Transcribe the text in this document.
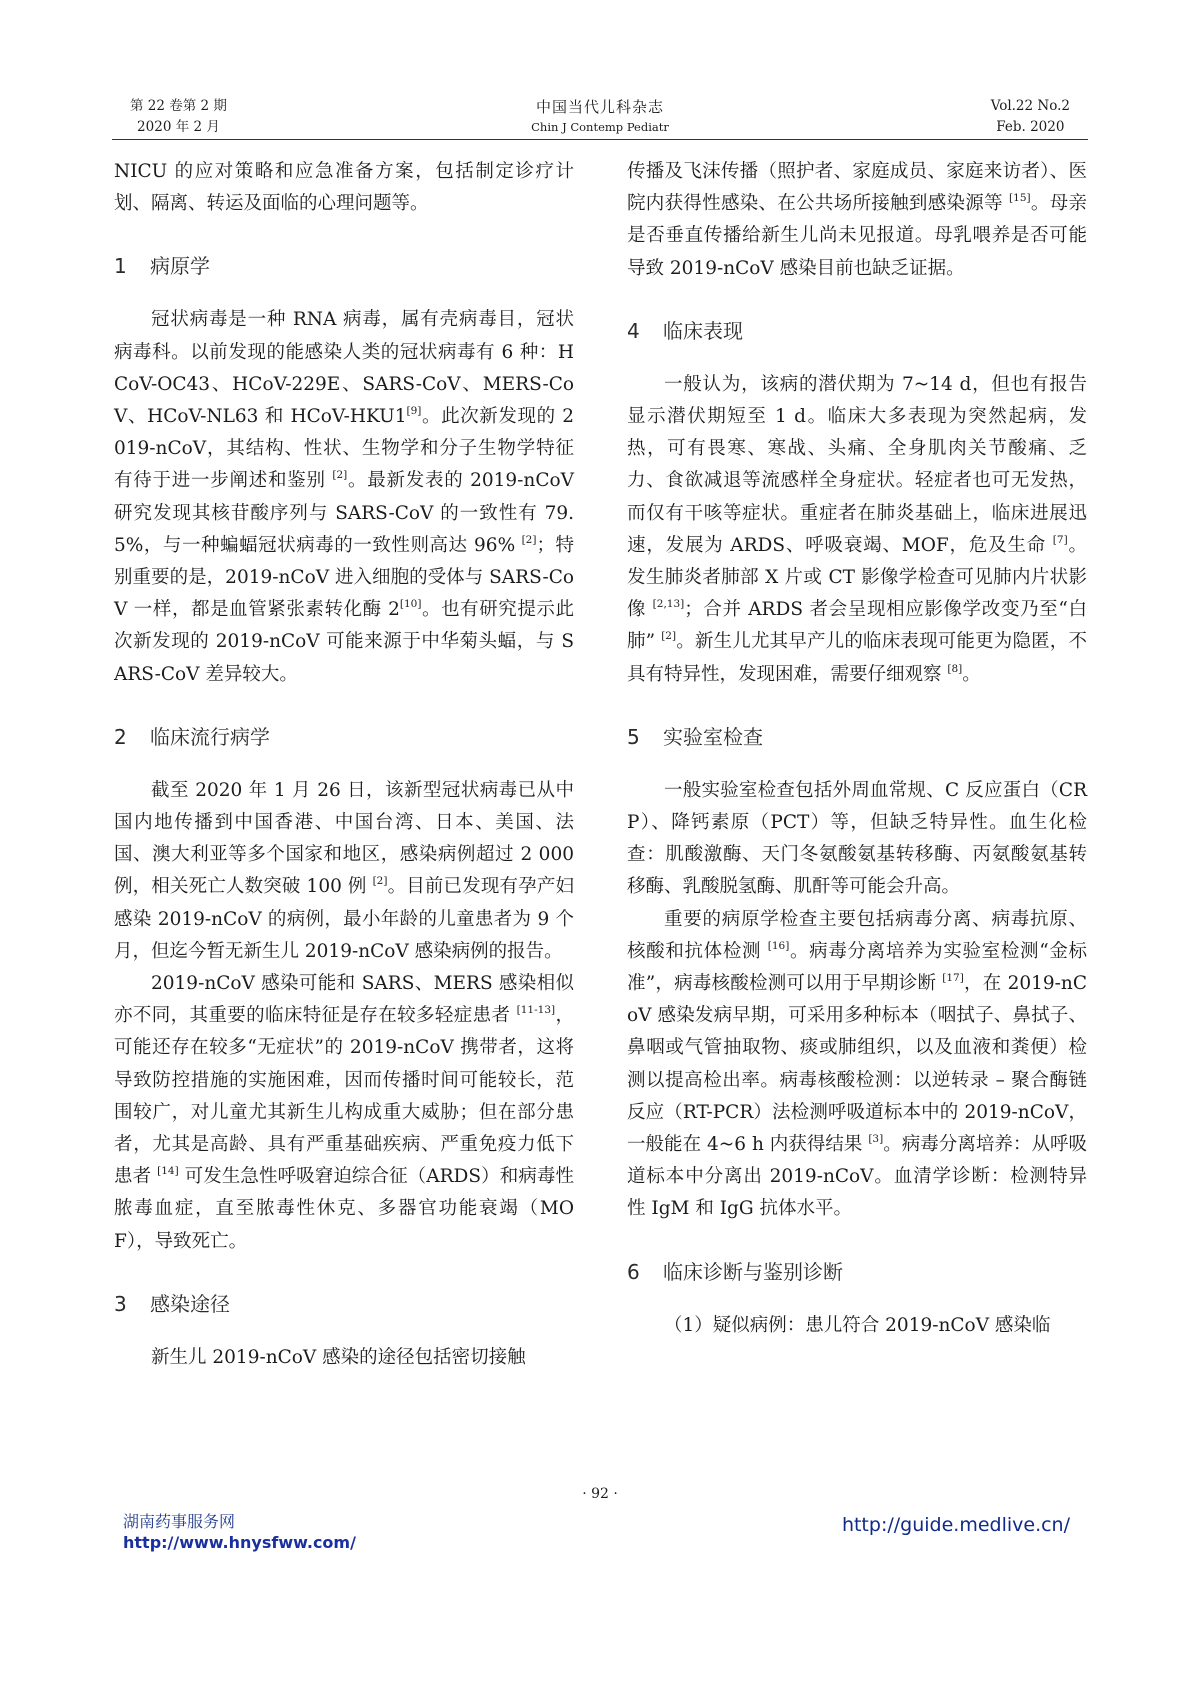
第 22 卷第 2 期
2020 年 2 月
中国当代儿科杂志
Chin J Contemp Pediatr
Vol.22 No.2
Feb. 2020

NICU 的应对策略和应急准备方案，包括制定诊疗计划、隔离、转运及面临的心理问题等。

1 病原学

冠状病毒是一种 RNA 病毒，属有壳病毒目，冠状病毒科。以前发现的能感染人类的冠状病毒有 6 种：HCoV-OC43、HCoV-229E、SARS-CoV、MERS-CoV、HCoV-NL63 和 HCoV-HKU1[9]。此次新发现的 2019-nCoV，其结构、性状、生物学和分子生物学特征有待于进一步阐述和鉴别 [2]。最新发表的 2019-nCoV 研究发现其核苷酸序列与 SARS-CoV 的一致性有 79.5%，与一种蝙蝠冠状病毒的一致性则高达 96% [2]；特别重要的是，2019-nCoV 进入细胞的受体与 SARS-CoV 一样，都是血管紧张素转化酶 2[10]。也有研究提示此次新发现的 2019-nCoV 可能来源于中华菊头蝠，与 SARS-CoV 差异较大。

2 临床流行病学

截至 2020 年 1 月 26 日，该新型冠状病毒已从中国内地传播到中国香港、中国台湾、日本、美国、法国、澳大利亚等多个国家和地区，感染病例超过 2 000 例，相关死亡人数突破 100 例 [2]。目前已发现有孕产妇感染 2019-nCoV 的病例，最小年龄的儿童患者为 9 个月，但迄今暂无新生儿 2019-nCoV 感染病例的报告。

2019-nCoV 感染可能和 SARS、MERS 感染相似亦不同，其重要的临床特征是存在较多轻症患者 [11-13]，可能还存在较多“无症状”的 2019-nCoV 携带者，这将导致防控措施的实施困难，因而传播时间可能较长，范围较广，对儿童尤其新生儿构成重大威胁；但在部分患者，尤其是高龄、具有严重基础疾病、严重免疫力低下患者 [14] 可发生急性呼吸窘迫综合征（ARDS）和病毒性脓毒血症，直至脓毒性休克、多器官功能衰竭（MOF），导致死亡。

3 感染途径

新生儿 2019-nCoV 感染的途径包括密切接触

传播及飞沫传播（照护者、家庭成员、家庭来访者）、医院内获得性感染、在公共场所接触到感染源等 [15]。母亲是否垂直传播给新生儿尚未见报道。母乳喂养是否可能导致 2019-nCoV 感染目前也缺乏证据。

4 临床表现

一般认为，该病的潜伏期为 7~14 d，但也有报告显示潜伏期短至 1 d。临床大多表现为突然起病，发热，可有畏寒、寒战、头痛、全身肌肉关节酸痛、乏力、食欲减退等流感样全身症状。轻症者也可无发热，而仅有干咳等症状。重症者在肺炎基础上，临床进展迅速，发展为 ARDS、呼吸衰竭、MOF，危及生命 [7]。发生肺炎者肺部 X 片或 CT 影像学检查可见肺内片状影像 [2,13]；合并 ARDS 者会呈现相应影像学改变乃至“白肺” [2]。新生儿尤其早产儿的临床表现可能更为隐匿，不具有特异性，发现困难，需要仔细观察 [8]。

5 实验室检查

一般实验室检查包括外周血常规、C 反应蛋白（CRP）、降钙素原（PCT）等，但缺乏特异性。血生化检查：肌酸激酶、天门冬氨酸氨基转移酶、丙氨酸氨基转移酶、乳酸脱氢酶、肌酐等可能会升高。

重要的病原学检查主要包括病毒分离、病毒抗原、核酸和抗体检测 [16]。病毒分离培养为实验室检测“金标准”，病毒核酸检测可以用于早期诊断 [17]，在 2019-nCoV 感染发病早期，可采用多种标本（咽拭子、鼻拭子、鼻咽或气管抽取物、痰或肺组织，以及血液和粪便）检测以提高检出率。病毒核酸检测：以逆转录 – 聚合酶链反应（RT-PCR）法检测呼吸道标本中的 2019-nCoV，一般能在 4~6 h 内获得结果 [3]。病毒分离培养：从呼吸道标本中分离出 2019-nCoV。血清学诊断：检测特异性 IgM 和 IgG 抗体水平。

6 临床诊断与鉴别诊断

（1）疑似病例：患儿符合 2019-nCoV 感染临

· 92 ·
湖南药事服务网
http://www.hnysfww.com/
http://guide.medlive.cn/
